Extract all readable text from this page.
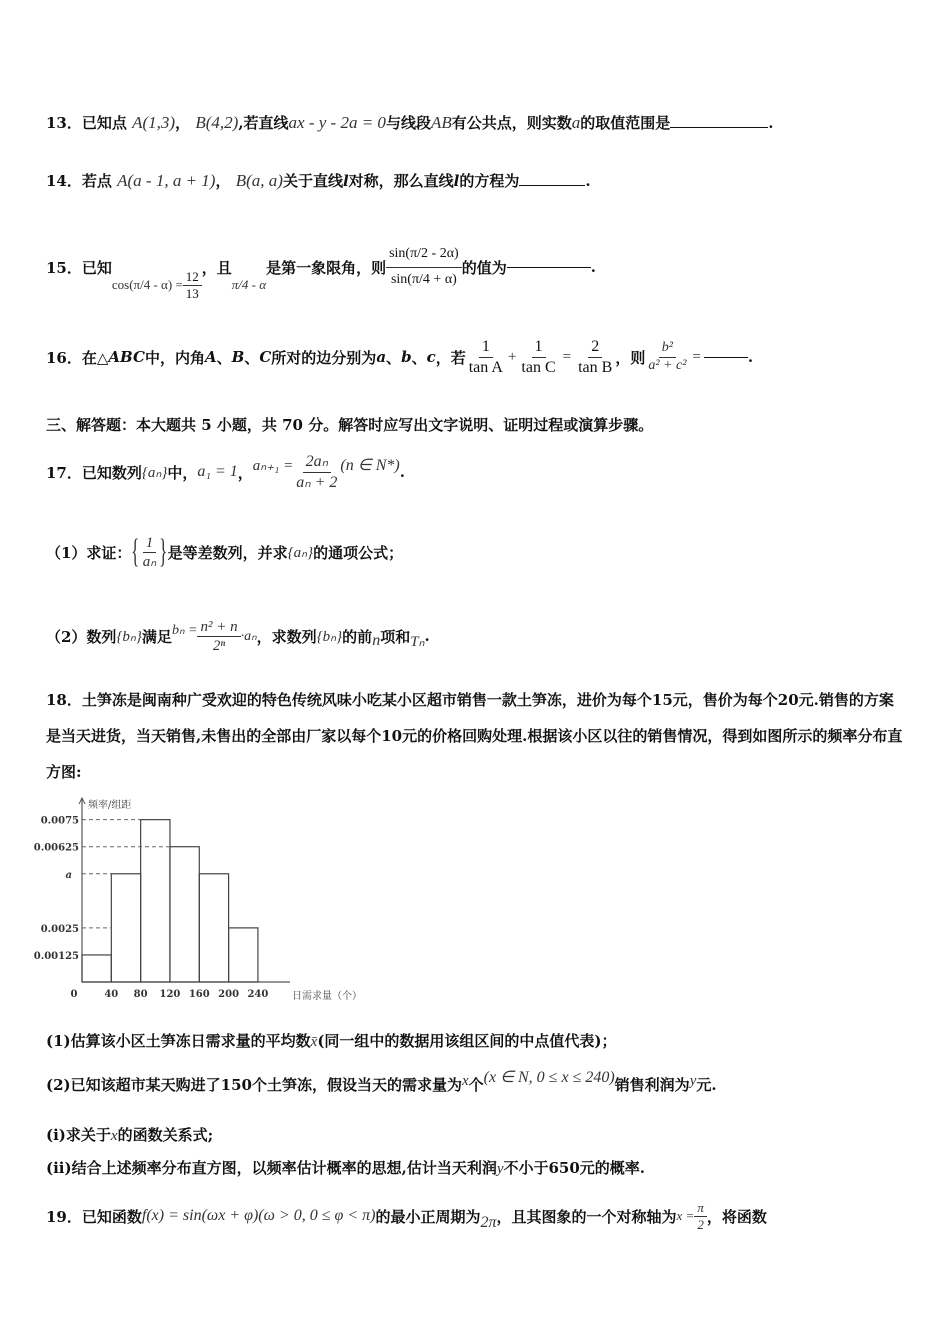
13．已知点 A(1,3)， B(4,2),若直线ax - y - 2a = 0与线段AB有公共点，则实数a的取值范围是	.
14．若点 A(a - 1, a + 1)， B(a, a)关于直线l对称，那么直线l的方程为	.
15． 已知
$\cos(\pi/4 - \alpha) = \frac{12}{13}$
，且
π/4 - α
是第一象限角，则 $\frac{\sin(\pi/2 - 2\alpha)}{\sin(\pi/4 + \alpha)}$ 的值为	.
16． 在△ ABC 中，内角 A 、 B 、 C 所对的边分别为 a 、 b 、 c ，若 $\frac{1}{\text{tan A}} + \frac{1}{\text{tan C}} = \frac{2}{\text{tan B}}$ ，则 $\frac{\text{b²}}{\text{a² + c²}}$ =	.
三、解答题：本大题共 5 小题，共 70 分。解答时应写出文字说明、证明过程或演算步骤。
17． 已知数列 {aₙ} 中， a₁ = 1 ， $a_{n+1} = \frac{\text{2aₙ}}{\text{aₙ + 2}} (n$ ∈ N*) .
（1）求证： { $\frac{1}{\text{aₙ}}$ } 是等差数列，并求 {aₙ} 的通项公式；
（2）数列 {bₙ} 满足 $b_n = \frac{\text{n² + n}}{\text{2ⁿ}} \cdot a_n$ ，求数列 {bₙ} 的前 n 项和 Tₙ .
18．土笋冻是闽南种广受欢迎的特色传统风味小吃某小区超市销售一款土笋冻，进价为每个15元，售价为每个20元.销售的方案是当天进货，当天销售,未售出的全部由厂家以每个10元的价格回购处理.根据该小区以往的销售情况，得到如图所示的频率分布直方图:
0.00125
0.0025
a
0.00625
0.0075
0	40 80 120 160 200 240
频率/组距
日需求量（个）
(1)估算该小区土笋冻日需求量的平均数x̄(同一组中的数据用该组区间的中点值代表)；
(2)已知该超市某天购进了150个土笋冻，假设当天的需求量为 x 个 (x ∈ N, 0 ≤ x ≤ 240) 销售利润为 y 元.
(i)求关于x的函数关系式;
(ii)结合上述频率分布直方图，以频率估计概率的思想,估计当天利润y不小于650元的概率.
19． 已知函数 f(x) = sin(ωx + φ)(ω > 0, 0 ≤ φ < π) 的最小正周期为 2π ，且其图象的一个对称轴为 $x = \frac{\pi}{2}$ ，将函数
